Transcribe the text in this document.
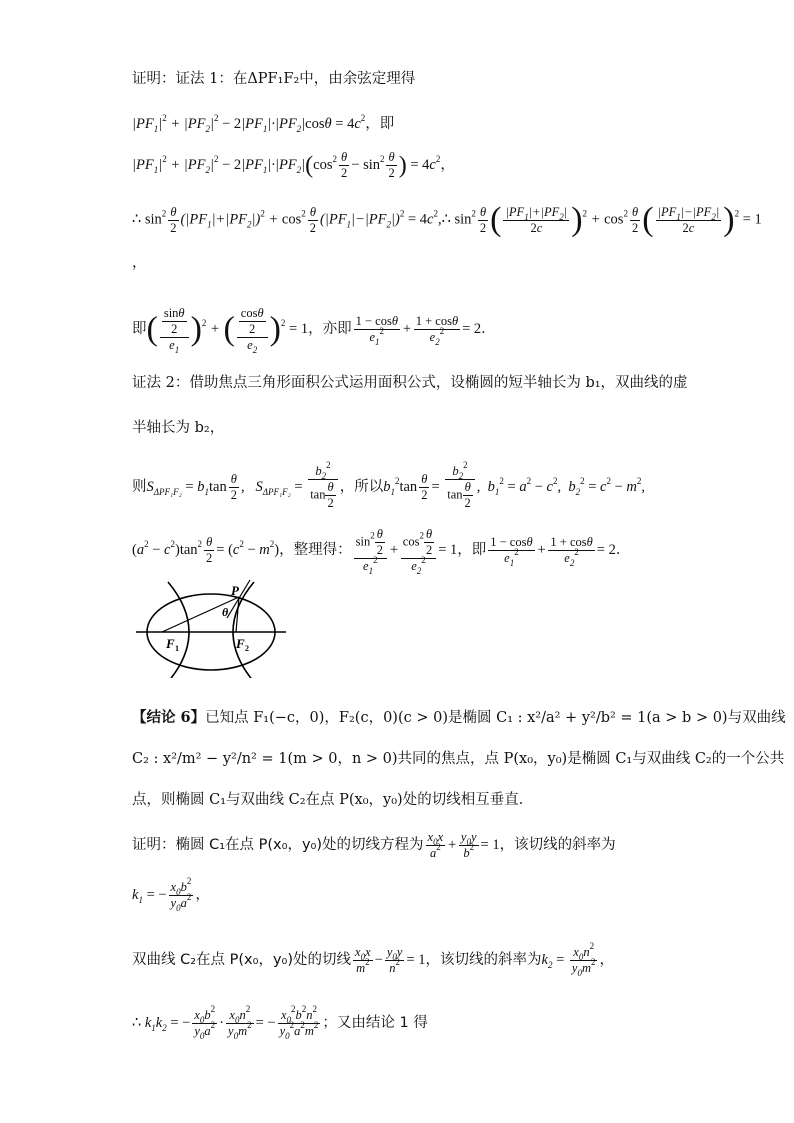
证明：证法 1：在ΔPF₁F₂中，由余弦定理得
$|PF_1|^2 + |PF_2|^2 - 2|PF_1|\cdot|PF_2|\cos\theta = 4c^2$，即
$|PF_1|^2 + |PF_2|^2 - 2|PF_1|\cdot|PF_2|(\cos^2 \frac{\theta}{2} - \sin^2 \frac{\theta}{2}$ ) = $4c^2$，
∴ $\sin^2 \frac{\theta}{2} (|PF_1|+|PF_2|)^2 + \cos^2 \frac{\theta}{2} (|PF_1|-|PF_2|)^2$ = $4c^2,\therefore$ $\sin^2 \frac{\theta}{2}$ ( $\frac{|PF_1|+|PF_2|}{2c} )^2 + \cos^2 \frac{\theta}{2}$ ( $\frac{|PF_1|-|PF_2|}{2c} )^2 = 1$
，
即( $\frac{\frac{\sin\theta}{2}}{e_1} )^2$ + ( $\frac{\frac{\cos\theta}{2}}{e_2} )^2 = 1$，亦即 $\frac{1 - \cos\theta}{e_1^2} + \frac{1 + \cos\theta}{e_2^2} = 2$．
证法 2：借助焦点三角形面积公式运用面积公式，设椭圆的短半轴长为 b₁，双曲线的虚
半轴长为 b₂，
则$S_{\Delta PF_1F_2} = b_1\tan \frac{\theta}{2}$ ,   $S_{\Delta PF_1F_2} = \frac{b_2^2}{\tan \frac{\theta}{2}}$ ，所以$b_1^2\tan \frac{\theta}{2} = \frac{b_2^2}{\tan \frac{\theta}{2}}$ ,  $b_1^2 = a^2 - c^2$,  $b_2^2 = c^2 - m^2$,
$(a^2 - c^2)\tan^2 \frac{\theta}{2} = (c^2 - m^2)$，整理得： $\frac{\sin^2 \frac{\theta}{2}}{e_1^2} + \frac{\cos^2 \frac{\theta}{2}}{e_2^2} = 1$，即 $\frac{1 - \cos\theta}{e_1^2} + \frac{1 + \cos\theta}{e_2^2} = 2$．
P
θ
F 1	F 2
【结论 6】已知点 F₁(−c，0)，F₂(c，0)(c > 0)是椭圆 C₁ : x²/a² + y²/b² = 1(a > b > 0)与双曲线
C₂ : x²/m² − y²/n² = 1(m > 0，n > 0)共同的焦点，点 P(x₀，y₀)是椭圆 C₁与双曲线 C₂的一个公共
点，则椭圆 C₁与双曲线 C₂在点 P(x₀，y₀)处的切线相互垂直．
证明：椭圆 C₁在点 P(x₀，y₀)处的切线方程为 $\frac{x_0x}{a^2} + \frac{y_0y}{b^2} = 1$，该切线的斜率为
$k_1$ = − $\frac{x_0b^2}{y_0a^2}$ ，
双曲线 C₂在点 P(x₀，y₀)处的切线 $\frac{x_0x}{m^2} - \frac{y_0y}{n^2} = 1$，该切线的斜率为$k_2 = \frac{x_0n^2}{y_0m^2}$ ，
∴ $k_1k_2$ = − $\frac{x_0b^2}{y_0a^2} \cdot \frac{x_0n^2}{y_0m^2}$ = − $\frac{x_0^2b^2n^2}{y_0^2a^2m^2}$ ；又由结论 1 得
